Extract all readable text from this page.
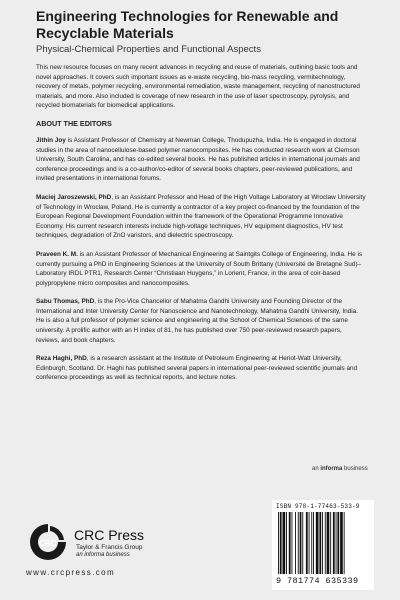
Engineering Technologies for Renewable and Recyclable Materials
Physical-Chemical Properties and Functional Aspects

This new resource focuses on many recent advances in recycling and reuse of materials, outlining basic tools and novel approaches. It covers such important issues as e-waste recycling, bio-mass recycling, vermitechnology, recovery of metals, polymer recycling, environmental remediation, waste management, recycling of nanostructured materials, and more. Also included is coverage of new research in the use of laser spectroscopy, pyrolysis, and recycled biomaterials for biomedical applications.

ABOUT THE EDITORS

Jithin Joy is Assistant Professor of Chemistry at Newman College, Thodupuzha, India. He is engaged in doctoral studies in the area of nanocellulose-based polymer nanocomposites. He has conducted research work at Clemson University, South Carolina, and has co-edited several books. He has published articles in international journals and conference proceedings and is a co-author/co-editor of several books chapters, peer-reviewed publications, and invited presentations in international forums.

Maciej Jaroszewski, PhD, is an Assistant Professor and Head of the High Voltage Laboratory at Wroclaw University of Technology in Wroclaw, Poland. He is currently a contractor of a key project co-financed by the foundation of the European Regional Development Foundation within the framework of the Operational Programme Innovative Economy. His current research interests include high-voltage techniques, HV equipment diagnostics, HV test techniques, degradation of ZnO varistors, and dielectric spectroscopy.

Praveen K. M. is an Assistant Professor of Mechanical Engineering at Saintgits College of Engineering, India. He is currently pursuing a PhD in Engineering Sciences at the University of South Brittany (Université de Bretagne Sud)–Laboratory IRDL PTR1, Research Center “Christiaan Huygens,” in Lorient, France, in the area of coir-based polypropylene micro composites and nanocomposites.

Sabu Thomas, PhD, is the Pro-Vice Chancellor of Mahatma Gandhi University and Founding Director of the International and Inter University Center for Nanoscience and Nanotechnology, Mahatma Gandhi University, India. He is also a full professor of polymer science and engineering at the School of Chemical Sciences of the same university. A prolific author with an H index of 81, he has published over 750 peer-reviewed research papers, reviews, and book chapters.

Reza Haghi, PhD, is a research assistant at the Institute of Petroleum Engineering at Heriot-Watt University, Edinburgh, Scotland. Dr. Haghi has published several papers in international peer-reviewed scientific journals and conference proceedings as well as technical reports, and lecture notes.

an informa business
ISBN 978-1-77463-533-9
9 781774 635339
CRC
CRC Press
Taylor & Francis Group
an informa business
www.crcpress.com
